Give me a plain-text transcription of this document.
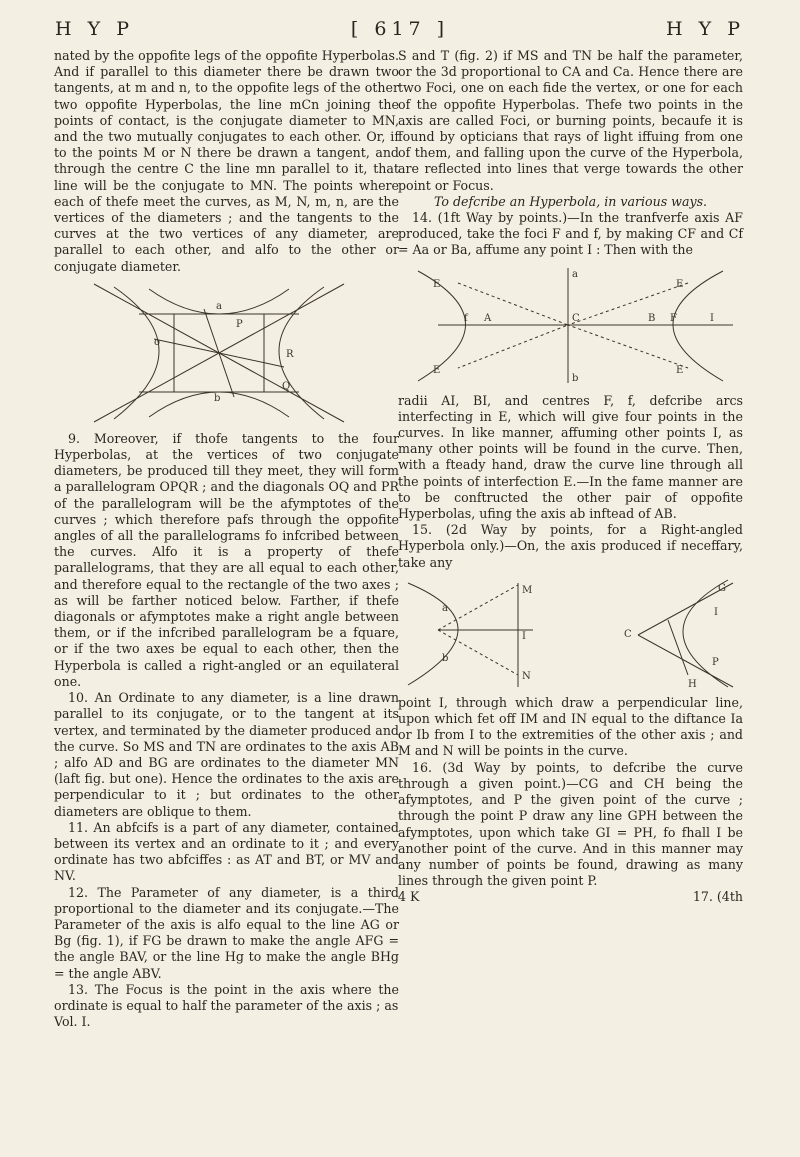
H Y P	[ 617 ]	H Y P

nated by the oppofite legs of the oppofite Hyperbolas. And if parallel to this diameter there be drawn two tangents, at m and n, to the oppofite legs of the other two oppofite Hyperbolas, the line mCn joining the points of contact, is the conjugate diameter to MN, and the two mutually conjugates to each other. Or, if to the points M or N there be drawn a tangent, and through the centre C the line mn parallel to it, that line will be the conjugate to MN. The points where each of thefe meet the curves, as M, N, m, n, are the vertices of the diameters ; and the tangents to the curves at the two vertices of any diameter, are parallel to each other, and alfo to the other or conjugate diameter.

o
P
Q
R
b
a

9. Moreover, if thofe tangents to the four Hyperbolas, at the vertices of two conjugate diameters, be produced till they meet, they will form a parallelogram OPQR ; and the diagonals OQ and PR of the parallelogram will be the afymptotes of the curves ; which therefore pafs through the oppofite angles of all the parallelograms fo infcribed between the curves. Alfo it is a property of thefe parallelograms, that they are all equal to each other, and therefore equal to the rectangle of the two axes ; as will be farther noticed below. Farther, if thefe diagonals or afymptotes make a right angle between them, or if the infcribed parallelogram be a fquare, or if the two axes be equal to each other, then the Hyperbola is called a right-angled or an equilateral one.

10. An Ordinate to any diameter, is a line drawn parallel to its conjugate, or to the tangent at its vertex, and terminated by the diameter produced and the curve. So MS and TN are ordinates to the axis AB ; alfo AD and BG are ordinates to the diameter MN (laft fig. but one). Hence the ordinates to the axis are perpendicular to it ; but ordinates to the other diameters are oblique to them.

11. An abfcifs is a part of any diameter, contained between its vertex and an ordinate to it ; and every ordinate has two abfciffes : as AT and BT, or MV and NV.

12. The Parameter of any diameter, is a third proportional to the diameter and its conjugate.—The Parameter of the axis is alfo equal to the line AG or Bg (fig. 1), if FG be drawn to make the angle AFG = the angle BAV, or the line Hg to make the angle BHg = the angle ABV.

13. The Focus is the point in the axis where the ordinate is equal to half the parameter of the axis ; as

Vol. I.

S and T (fig. 2) if MS and TN be half the parameter, or the 3d proportional to CA and Ca. Hence there are two Foci, one on each fide the vertex, or one for each of the oppofite Hyperbolas. Thefe two points in the axis are called Foci, or burning points, becaufe it is found by opticians that rays of light iffuing from one of them, and falling upon the curve of the Hyperbola, are reflected into lines that verge towards the other point or Focus.

To defcribe an Hyperbola, in various ways.

14. (1ft Way by points.)—In the tranfverfe axis AF produced, take the foci F and f, by making CF and Cf = Aa or Ba, affume any point I : Then with the

E	E
E	E
C
A	B
f	F	I
a
b

radii AI, BI, and centres F, f, defcribe arcs interfecting in E, which will give four points in the curves. In like manner, affuming other points I, as many other points will be found in the curve. Then, with a fteady hand, draw the curve line through all the points of interfection E.—In the fame manner are to be conftructed the other pair of oppofite Hyperbolas, ufing the axis ab inftead of AB.

15. (2d Way by points, for a Right-angled Hyperbola only.)—On, the axis produced if neceffary, take any

M
a
I
b
N
G
I
C
P
H

point I, through which draw a perpendicular line, upon which fet off IM and IN equal to the diftance Ia or Ib from I to the extremities of the other axis ; and M and N will be points in the curve.

16. (3d Way by points, to defcribe the curve through a given point.)—CG and CH being the afymptotes, and P the given point of the curve ; through the point P draw any line GPH between the afymptotes, upon which take GI = PH, fo fhall I be another point of the curve. And in this manner may any number of points be found, drawing as many lines through the given point P.

4 K	17. (4th
